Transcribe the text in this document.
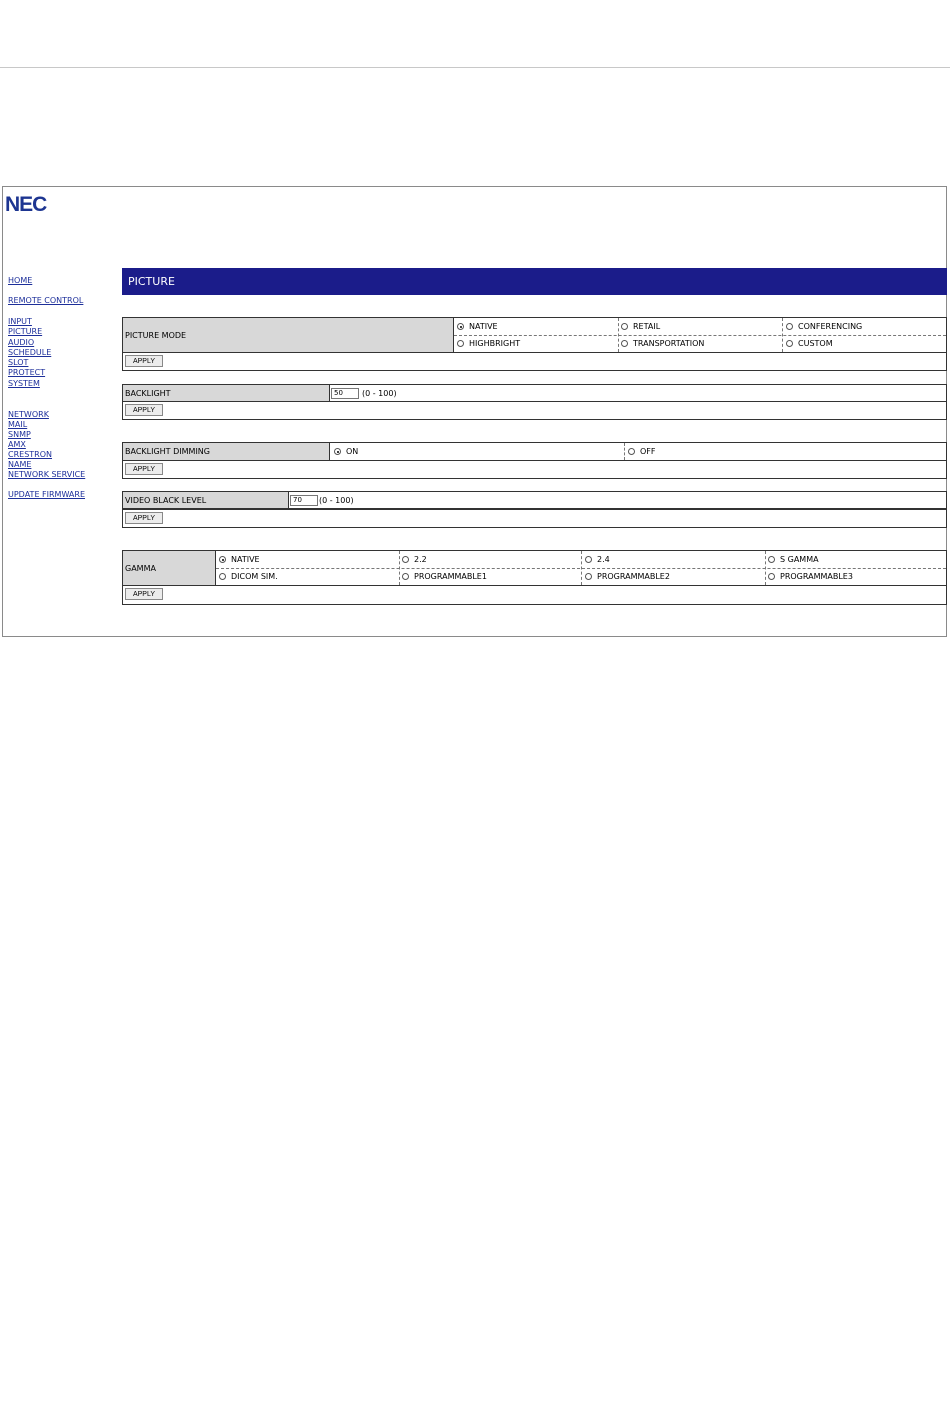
NEC
HOME
REMOTE CONTROL
INPUT
PICTURE
AUDIO
SCHEDULE
SLOT
PROTECT
SYSTEM
NETWORK
MAIL
SNMP
AMX
CRESTRON
NAME
NETWORK SERVICE
UPDATE FIRMWARE
PICTURE
PICTURE MODE
NATIVE	RETAIL	CONFERENCING
HIGHBRIGHT	TRANSPORTATION	CUSTOM
APPLY
BACKLIGHT	50	(0 - 100)
APPLY
BACKLIGHT DIMMING	ON	OFF
APPLY
VIDEO BLACK LEVEL	70	(0 - 100)
APPLY
GAMMA
NATIVE	2.2	2.4	S GAMMA
DICOM SIM.	PROGRAMMABLE1	PROGRAMMABLE2	PROGRAMMABLE3
APPLY
